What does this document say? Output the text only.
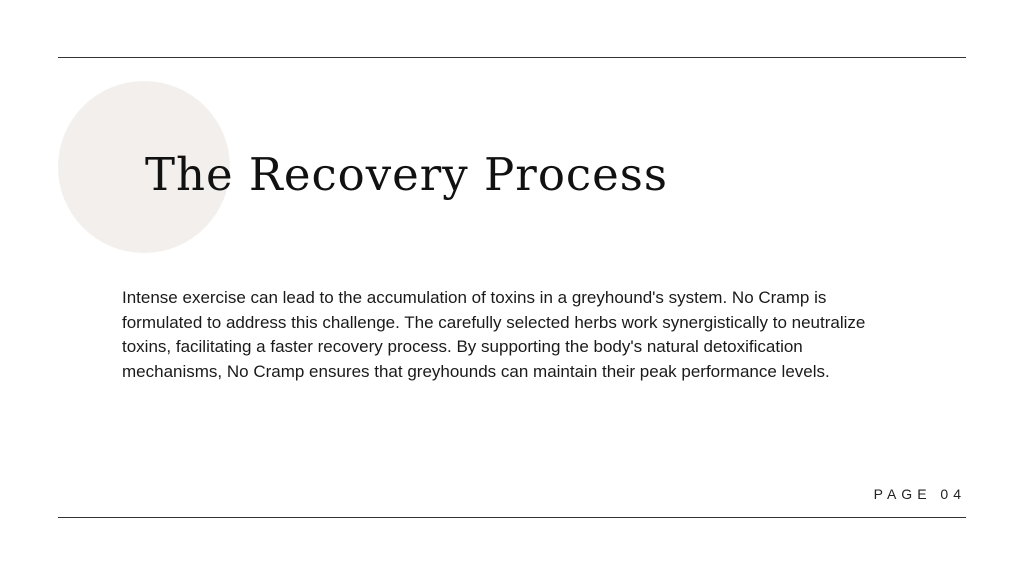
The Recovery Process

Intense exercise can lead to the accumulation of toxins in a greyhound's system. No Cramp is formulated to address this challenge. The carefully selected herbs work synergistically to neutralize toxins, facilitating a faster recovery process. By supporting the body's natural detoxification mechanisms, No Cramp ensures that greyhounds can maintain their peak performance levels.

PAGE 04
